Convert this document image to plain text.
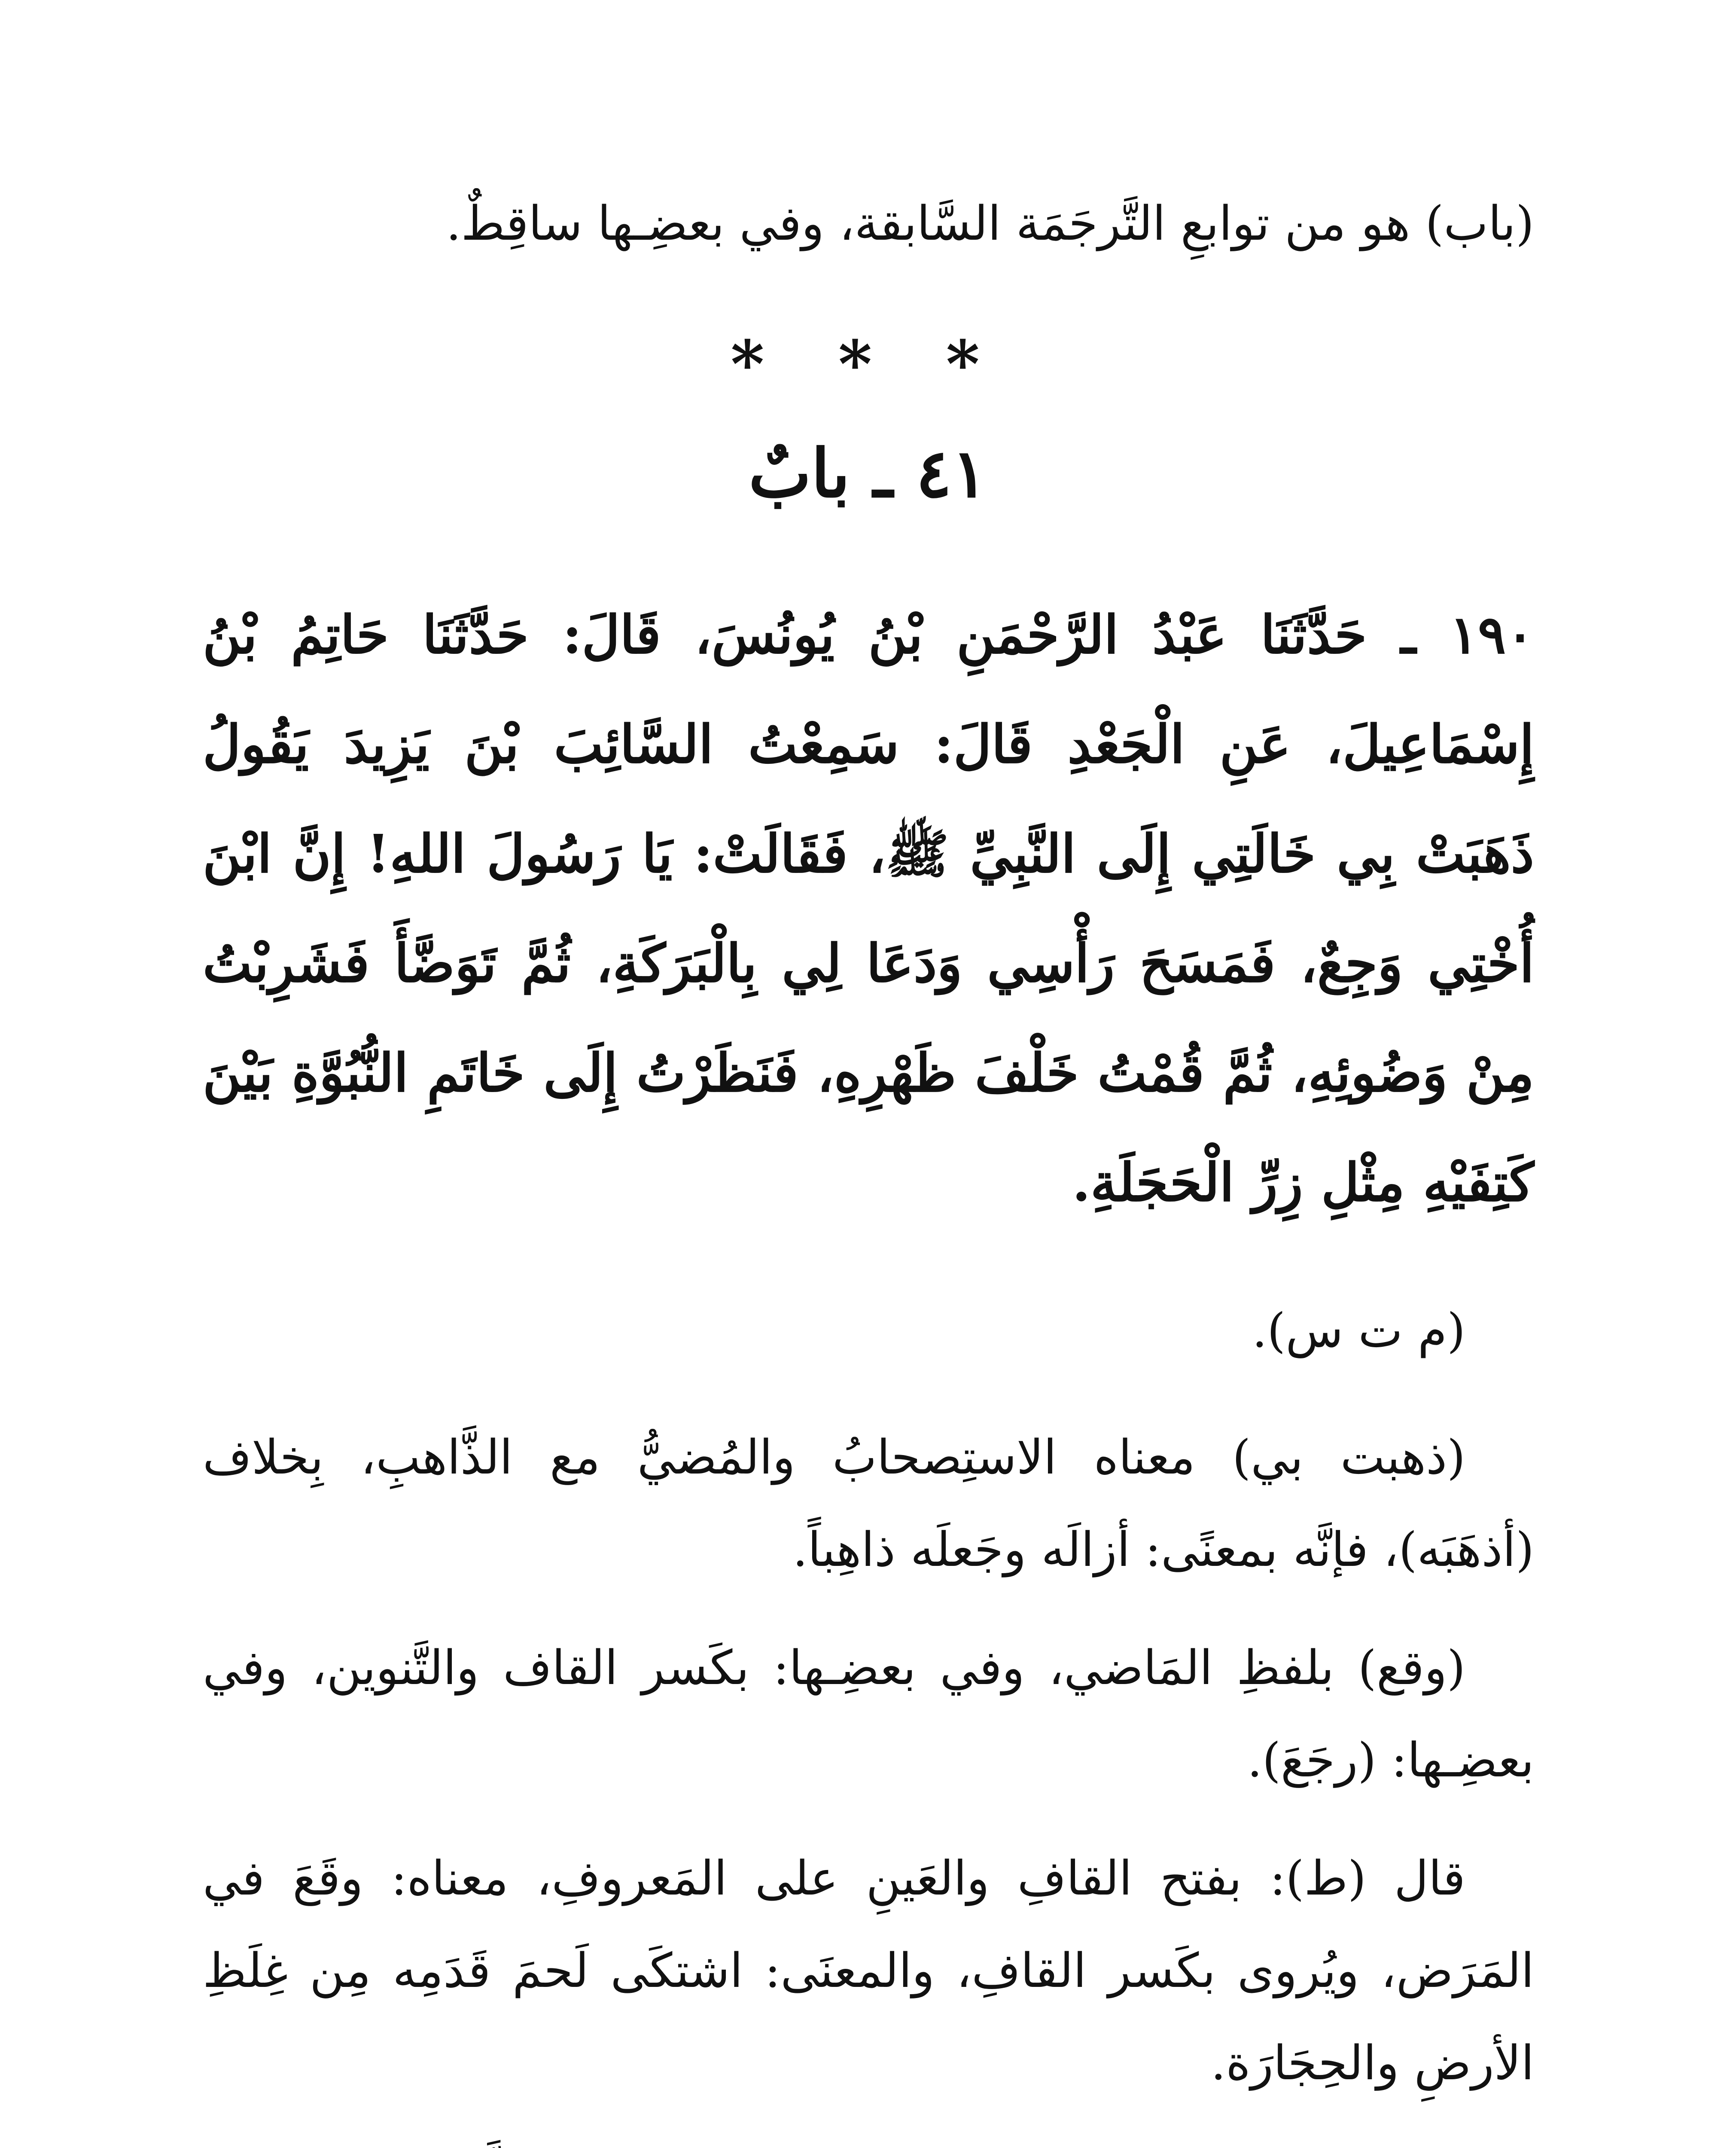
(باب) هو من توابعِ التَّرجَمَة السَّابقة، وفي بعضِـها ساقِطٌ.
* * *
٤١ ـ بابٌ
١٩٠ ـ حَدَّثَنَا عَبْدُ الرَّحْمَنِ بْنُ يُونُسَ، قَالَ: حَدَّثَنَا حَاتِمُ بْنُ إِسْمَاعِيلَ، عَنِ الْجَعْدِ قَالَ: سَمِعْتُ السَّائِبَ بْنَ يَزِيدَ يَقُولُ ذَهَبَتْ بِي خَالَتِي إِلَى النَّبِيِّ ﷺ، فَقَالَتْ: يَا رَسُولَ اللهِ! إِنَّ ابْنَ أُخْتِي وَجِعٌ، فَمَسَحَ رَأْسِي وَدَعَا لِي بِالْبَرَكَةِ، ثُمَّ تَوَضَّأَ فَشَرِبْتُ مِنْ وَضُوئِهِ، ثُمَّ قُمْتُ خَلْفَ ظَهْرِهِ، فَنَظَرْتُ إِلَى خَاتَمِ النُّبُوَّةِ بَيْنَ كَتِفَيْهِ مِثْلِ زِرِّ الْحَجَلَةِ.

(م ت س).

(ذهبت بي) معناه الاستِصحابُ والمُضيُّ مع الذَّاهبِ، بِخلاف (أذهَبَه)، فإنَّه بمعنًى: أزالَه وجَعلَه ذاهِباً.

(وقع) بلفظِ المَاضي، وفي بعضِـها: بكَسر القاف والتَّنوين، وفي بعضِـها: (رجَعَ).

قال (ط): بفتح القافِ والعَينِ على المَعروفِ، معناه: وقَعَ في المَرَض، ويُروى بكَسر القافِ، والمعنَى: اشتكَى لَحمَ قَدَمِه مِن غِلَظِ الأرضِ والحِجَارَة.
